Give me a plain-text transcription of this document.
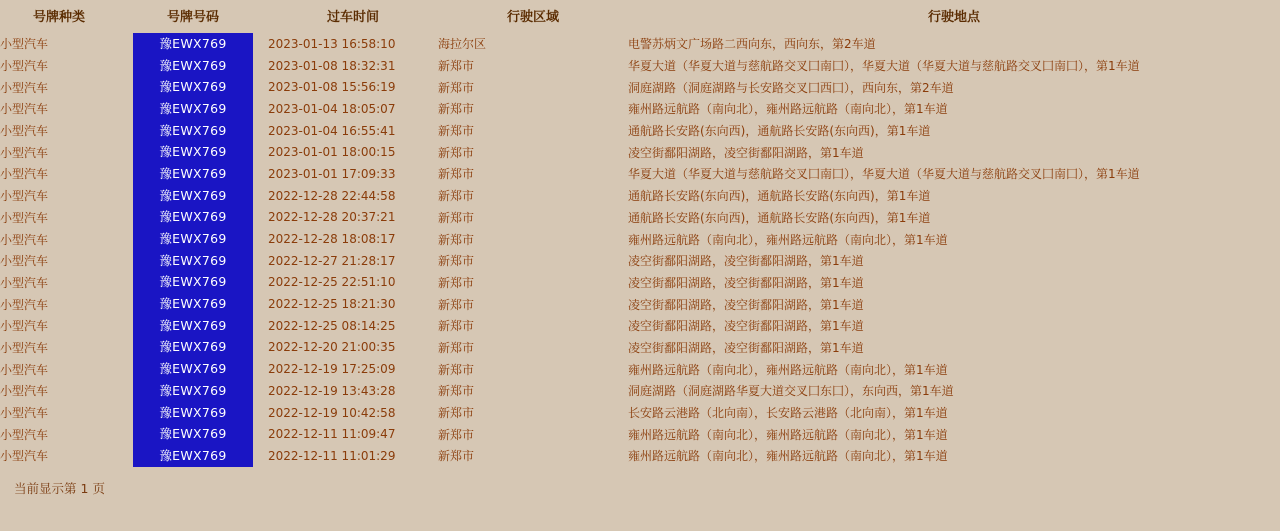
号牌种类	号牌号码	过车时间	行驶区域	行驶地点
小型汽车	豫EWX769	2023-01-13 16:58:10	海拉尔区	电警苏炳文广场路二西向东，西向东，第2车道
小型汽车	豫EWX769	2023-01-08 18:32:31	新郑市	华夏大道（华夏大道与慈航路交叉囗南囗），华夏大道（华夏大道与慈航路交叉囗南囗），第1车道
小型汽车	豫EWX769	2023-01-08 15:56:19	新郑市	洞庭湖路（洞庭湖路与长安路交叉囗西囗），西向东，第2车道
小型汽车	豫EWX769	2023-01-04 18:05:07	新郑市	雍州路远航路（南向北），雍州路远航路（南向北），第1车道
小型汽车	豫EWX769	2023-01-04 16:55:41	新郑市	通航路长安路(东向西)，通航路长安路(东向西)，第1车道
小型汽车	豫EWX769	2023-01-01 18:00:15	新郑市	凌空街鄱阳湖路，凌空街鄱阳湖路，第1车道
小型汽车	豫EWX769	2023-01-01 17:09:33	新郑市	华夏大道（华夏大道与慈航路交叉囗南囗），华夏大道（华夏大道与慈航路交叉囗南囗），第1车道
小型汽车	豫EWX769	2022-12-28 22:44:58	新郑市	通航路长安路(东向西)，通航路长安路(东向西)，第1车道
小型汽车	豫EWX769	2022-12-28 20:37:21	新郑市	通航路长安路(东向西)，通航路长安路(东向西)，第1车道
小型汽车	豫EWX769	2022-12-28 18:08:17	新郑市	雍州路远航路（南向北），雍州路远航路（南向北），第1车道
小型汽车	豫EWX769	2022-12-27 21:28:17	新郑市	凌空街鄱阳湖路，凌空街鄱阳湖路，第1车道
小型汽车	豫EWX769	2022-12-25 22:51:10	新郑市	凌空街鄱阳湖路，凌空街鄱阳湖路，第1车道
小型汽车	豫EWX769	2022-12-25 18:21:30	新郑市	凌空街鄱阳湖路，凌空街鄱阳湖路，第1车道
小型汽车	豫EWX769	2022-12-25 08:14:25	新郑市	凌空街鄱阳湖路，凌空街鄱阳湖路，第1车道
小型汽车	豫EWX769	2022-12-20 21:00:35	新郑市	凌空街鄱阳湖路，凌空街鄱阳湖路，第1车道
小型汽车	豫EWX769	2022-12-19 17:25:09	新郑市	雍州路远航路（南向北），雍州路远航路（南向北），第1车道
小型汽车	豫EWX769	2022-12-19 13:43:28	新郑市	洞庭湖路（洞庭湖路华夏大道交叉囗东囗），东向西，第1车道
小型汽车	豫EWX769	2022-12-19 10:42:58	新郑市	长安路云港路（北向南），长安路云港路（北向南），第1车道
小型汽车	豫EWX769	2022-12-11 11:09:47	新郑市	雍州路远航路（南向北），雍州路远航路（南向北），第1车道
小型汽车	豫EWX769	2022-12-11 11:01:29	新郑市	雍州路远航路（南向北），雍州路远航路（南向北），第1车道
当前显示第 1 页
